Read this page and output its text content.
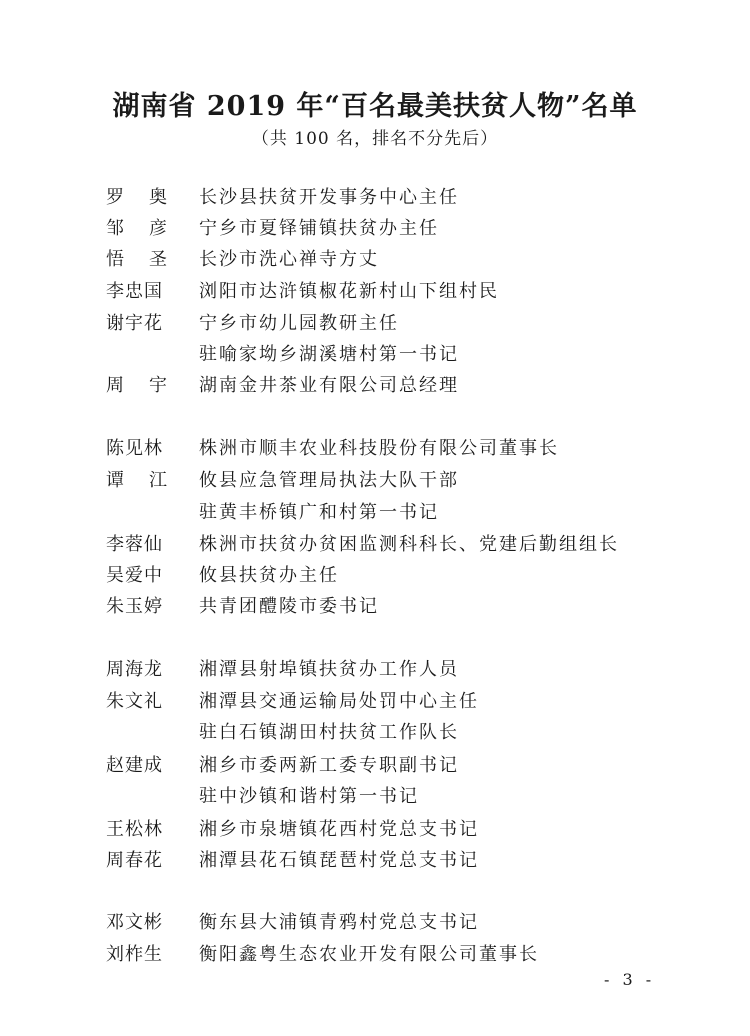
湖南省 2019 年“百名最美扶贫人物”名单
（共 100 名，排名不分先后）
罗奥 长沙县扶贫开发事务中心主任
邹彦 宁乡市夏铎铺镇扶贫办主任
悟圣 长沙市洗心禅寺方丈
李忠国	浏阳市达浒镇椒花新村山下组村民
谢宇花	宁乡市幼儿园教研主任
驻喻家坳乡湖溪塘村第一书记
周宇 湖南金井茶业有限公司总经理
陈见林	株洲市顺丰农业科技股份有限公司董事长
谭江 攸县应急管理局执法大队干部
驻黄丰桥镇广和村第一书记
李蓉仙	株洲市扶贫办贫困监测科科长、党建后勤组组长
吴爱中	攸县扶贫办主任
朱玉婷	共青团醴陵市委书记
周海龙	湘潭县射埠镇扶贫办工作人员
朱文礼	湘潭县交通运输局处罚中心主任
驻白石镇湖田村扶贫工作队长
赵建成	湘乡市委两新工委专职副书记
驻中沙镇和谐村第一书记
王松林	湘乡市泉塘镇花西村党总支书记
周春花	湘潭县花石镇琵琶村党总支书记
邓文彬	衡东县大浦镇青鸦村党总支书记
刘柞生	衡阳鑫粤生态农业开发有限公司董事长
- 3 -
